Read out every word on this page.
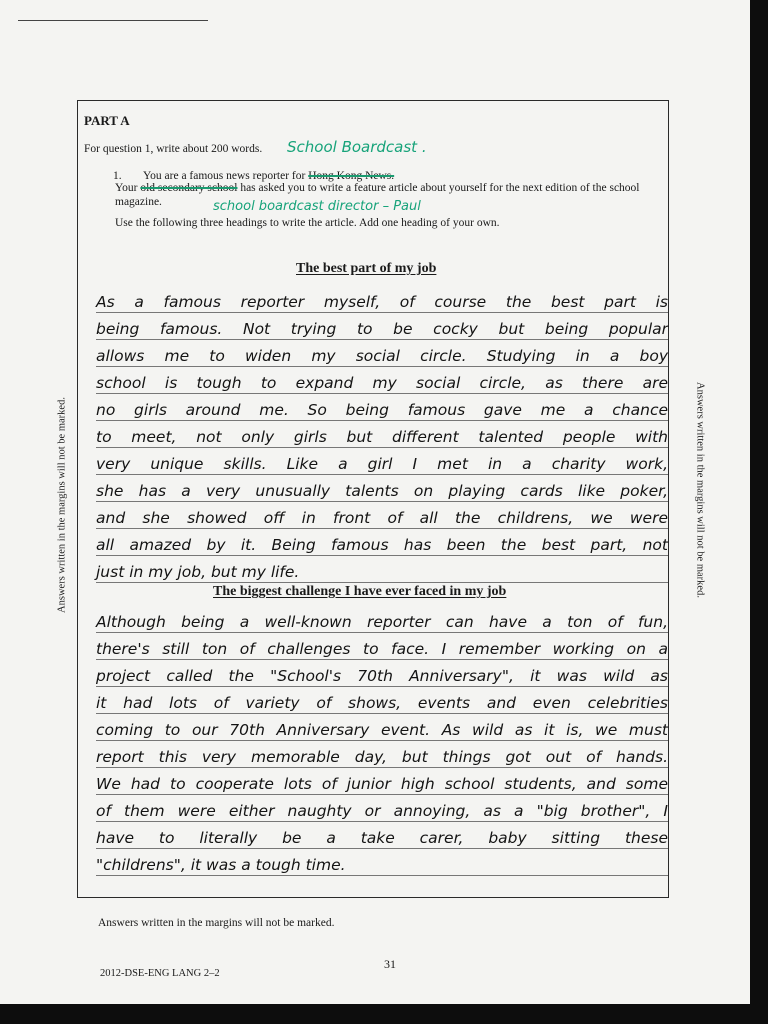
Answers written in the margins will not be marked.	Answers written in the margins will not be marked.
PART A
For question 1, write about 200 words. School Boardcast .
1. You are a famous news reporter for Hong Kong News.
Your old secondary school has asked you to write a feature article about yourself for the next edition of the school magazine.	school boardcast director – Paul
Use the following three headings to write the article. Add one heading of your own.
The best part of my job
The biggest challenge I have ever faced in my job
As a famous reporter myself, of course the best part is
being famous. Not trying to be cocky but being popular
allows me to widen my social circle. Studying in a boy
school is tough to expand my social circle, as there are
no girls around me. So being famous gave me a chance
to meet, not only girls but different talented people with
very unique skills. Like a girl I met in a charity work,
she has a very unusually talents on playing cards like poker,
and she showed off in front of all the childrens, we were
all amazed by it. Being famous has been the best part, not
just in my job, but my life.
Although being a well-known reporter can have a ton of fun,
there's still ton of challenges to face. I remember working on a
project called the "School's 70th Anniversary", it was wild as
it had lots of variety of shows, events and even celebrities
coming to our 70th Anniversary event. As wild as it is, we must
report this very memorable day, but things got out of hands.
We had to cooperate lots of junior high school students, and some
of them were either naughty or annoying, as a "big brother", I
have to literally be a take carer, baby sitting these
"childrens", it was a tough time.
Answers written in the margins will not be marked.
31
2012-DSE-ENG LANG 2–2
